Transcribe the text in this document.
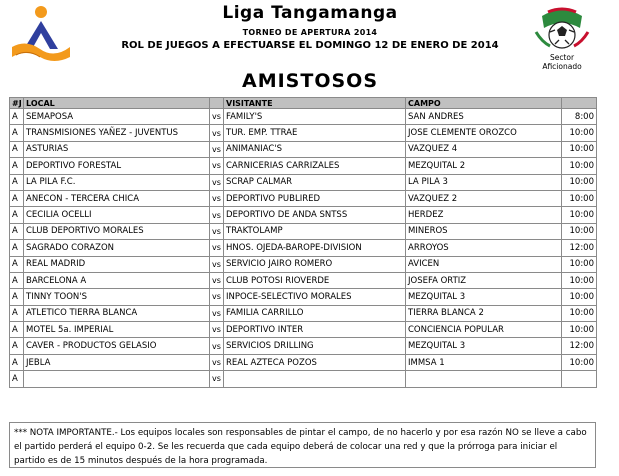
Liga Tangamanga
TORNEO DE APERTURA 2014
ROL DE JUEGOS A EFECTUARSE EL DOMINGO 12 DE ENERO DE 2014
Sector
Aficionado
AMISTOSOS
#J	LOCAL		VISITANTE	CAMPO	
A	SEMAPOSA	vs	FAMILY'S	SAN ANDRES	8:00
A	TRANSMISIONES YAÑEZ - JUVENTUS	vs	TUR. EMP. TTRAE	JOSE CLEMENTE OROZCO	10:00
A	ASTURIAS	vs	ANIMANIAC'S	VAZQUEZ 4	10:00
A	DEPORTIVO FORESTAL	vs	CARNICERIAS CARRIZALES	MEZQUITAL 2	10:00
A	LA PILA F.C.	vs	SCRAP CALMAR	LA PILA 3	10:00
A	ANECON - TERCERA CHICA	vs	DEPORTIVO PUBLIRED	VAZQUEZ 2	10:00
A	CECILIA OCELLI	vs	DEPORTIVO DE ANDA SNTSS	HERDEZ	10:00
A	CLUB DEPORTIVO MORALES	vs	TRAKTOLAMP	MINEROS	10:00
A	SAGRADO CORAZON	vs	HNOS. OJEDA-BAROPE-DIVISION	ARROYOS	12:00
A	REAL MADRID	vs	SERVICIO JAIRO ROMERO	AVICEN	10:00
A	BARCELONA A	vs	CLUB POTOSI RIOVERDE	JOSEFA ORTIZ	10:00
A	TINNY TOON'S	vs	INPOCE-SELECTIVO MORALES	MEZQUITAL 3	10:00
A	ATLETICO TIERRA BLANCA	vs	FAMILIA CARRILLO	TIERRA BLANCA 2	10:00
A	MOTEL 5a. IMPERIAL	vs	DEPORTIVO INTER	CONCIENCIA POPULAR	10:00
A	CAVER - PRODUCTOS GELASIO	vs	SERVICIOS DRILLING	MEZQUITAL 3	12:00
A	JEBLA	vs	REAL AZTECA POZOS	IMMSA 1	10:00
A		vs			
*** NOTA IMPORTANTE.- Los equipos locales son responsables de pintar el campo, de no hacerlo y por esa razón NO se lleve a cabo el partido perderá el equipo 0-2. Se les recuerda que cada equipo deberá de colocar una red y que la prórroga para iniciar el partido es de 15 minutos después de la hora programada.
